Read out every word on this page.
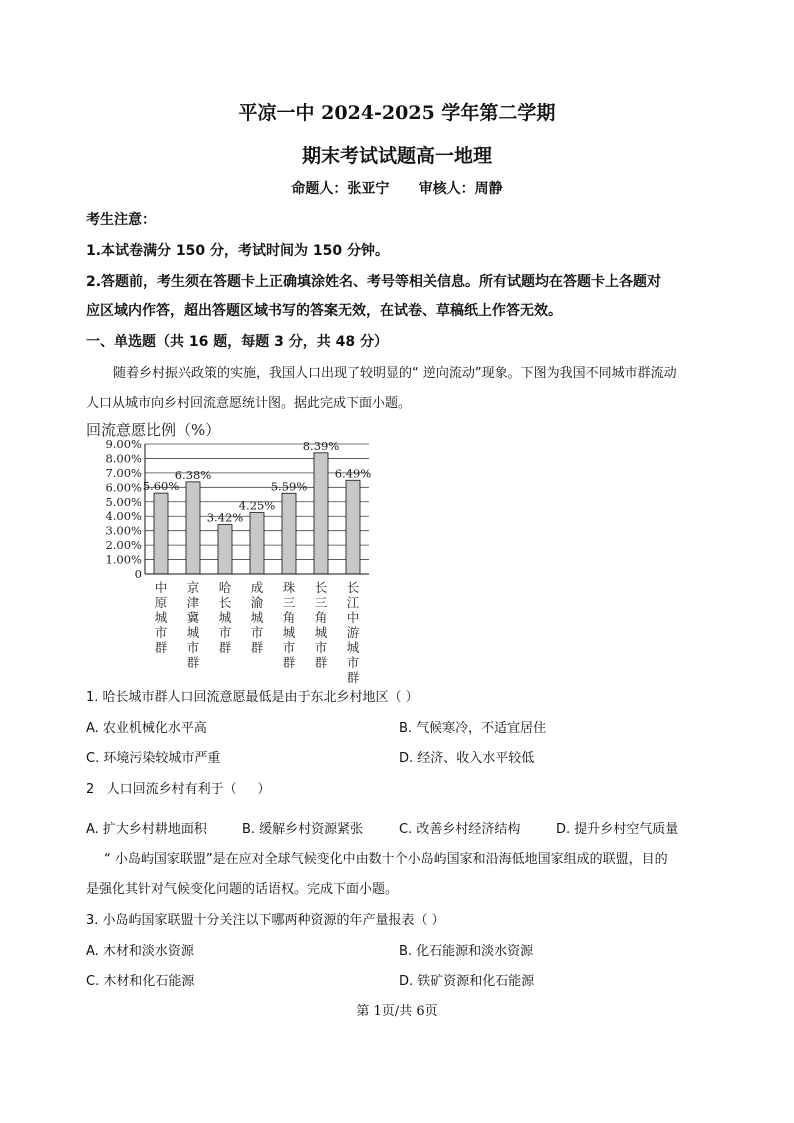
平凉一中 2024-2025 学年第二学期
期末考试试题高一地理
命题人：张亚宁      审核人：周静
考生注意：
1.本试卷满分 150 分，考试时间为 150 分钟。
2.答题前，考生须在答题卡上正确填涂姓名、考号等相关信息。所有试题均在答题卡上各题对
应区域内作答，超出答题区域书写的答案无效，在试卷、草稿纸上作答无效。
一、单选题（共 16 题，每题 3 分，共 48 分）
随着乡村振兴政策的实施，我国人口出现了较明显的“ 逆向流动”现象。下图为我国不同城市群流动
人口从城市向乡村回流意愿统计图。据此完成下面小题。
回流意愿比例（%）
0
1.00%
2.00%
3.00%
4.00%
5.00%
6.00%
7.00%
8.00%
9.00%
5.60%
6.38%
3.42%
4.25%
5.59%
8.39%
6.49%
中原城市群
京津冀城市群
哈长城市群
成渝城市群
珠三角城市群
长三角城市群
长江中游城市群
1. 哈长城市群人口回流意愿最低是由于东北乡村地区（ ）
A. 农业机械化水平高	B. 气候寒冷，不适宜居住
C. 环境污染较城市严重	D. 经济、收入水平较低
2   人口回流乡村有利于（     ）
A. 扩大乡村耕地面积	B. 缓解乡村资源紧张	C. 改善乡村经济结构	D. 提升乡村空气质量
“ 小岛屿国家联盟”是在应对全球气候变化中由数十个小岛屿国家和沿海低地国家组成的联盟，目的
是强化其针对气候变化问题的话语权。完成下面小题。
3. 小岛屿国家联盟十分关注以下哪两种资源的年产量报表（ ）
A. 木材和淡水资源	B. 化石能源和淡水资源
C. 木材和化石能源	D. 铁矿资源和化石能源
第 1页/共 6页
